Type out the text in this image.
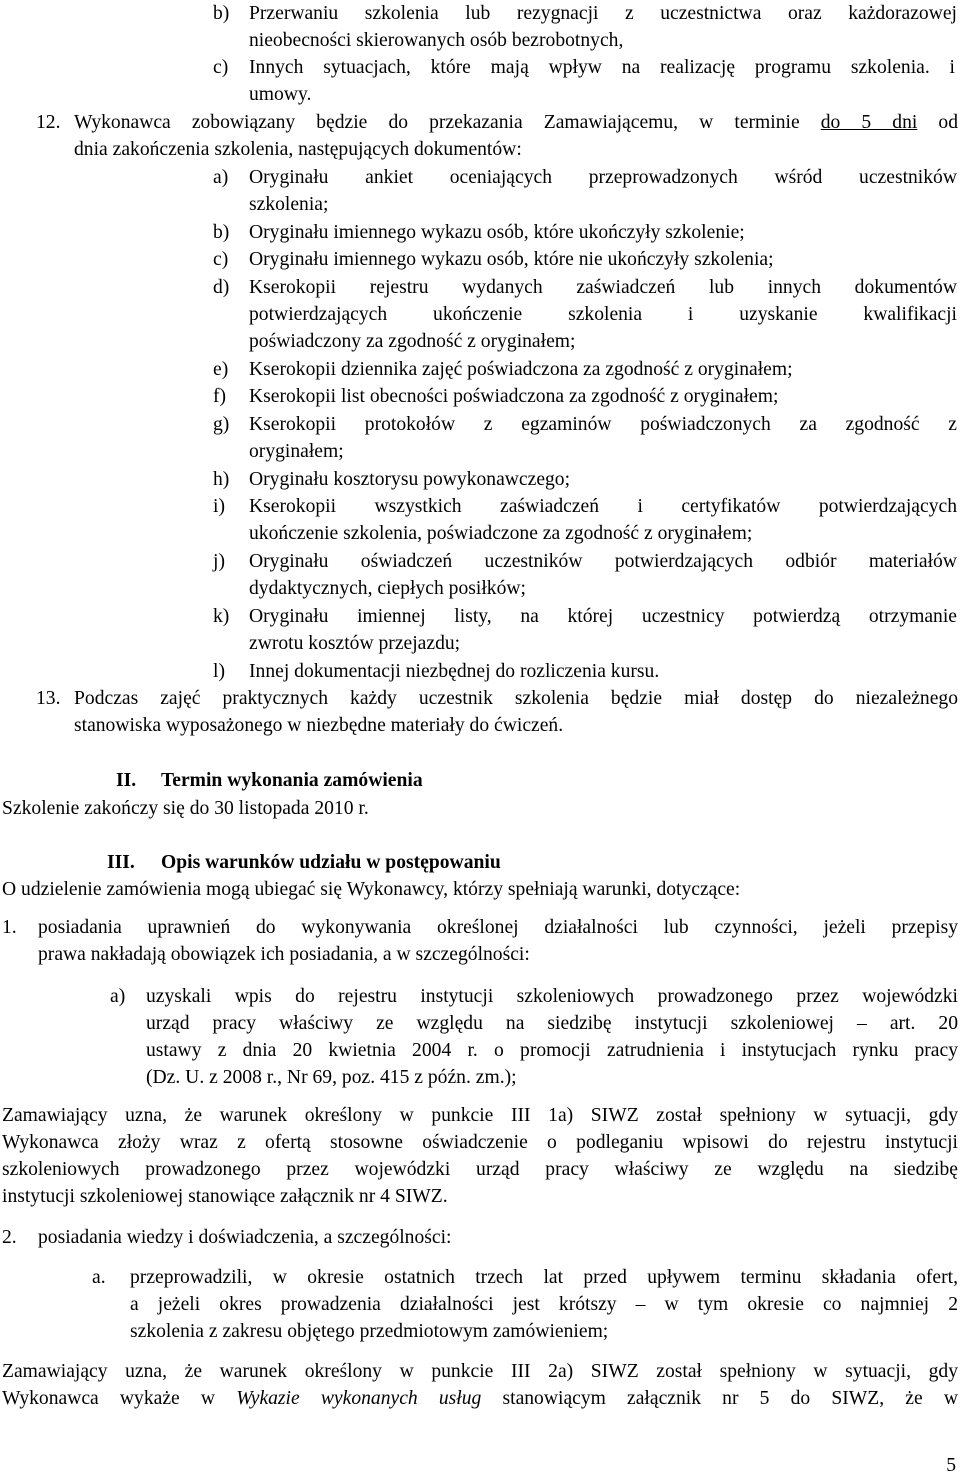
b) Przerwaniu szkolenia lub rezygnacji z uczestnictwa oraz każdorazowej
nieobecności skierowanych osób bezrobotnych,
c) Innych sytuacjach, które mają wpływ na realizację programu szkolenia. i
umowy.
12. Wykonawca zobowiązany będzie do przekazania Zamawiającemu, w terminie do 5 dni od
dnia zakończenia szkolenia, następujących dokumentów:
a) Oryginału ankiet oceniających przeprowadzonych wśród uczestników
szkolenia;
b) Oryginału imiennego wykazu osób, które ukończyły szkolenie;
c) Oryginału imiennego wykazu osób, które nie ukończyły szkolenia;
d) Kserokopii rejestru wydanych zaświadczeń lub innych dokumentów
potwierdzających ukończenie szkolenia i uzyskanie kwalifikacji
poświadczony za zgodność z oryginałem;
e) Kserokopii dziennika zajęć poświadczona za zgodność z oryginałem;
f) Kserokopii list obecności poświadczona za zgodność z oryginałem;
g) Kserokopii protokołów z egzaminów poświadczonych za zgodność z
oryginałem;
h) Oryginału kosztorysu powykonawczego;
i) Kserokopii wszystkich zaświadczeń i certyfikatów potwierdzających
ukończenie szkolenia, poświadczone za zgodność z oryginałem;
j) Oryginału oświadczeń uczestników potwierdzających odbiór materiałów
dydaktycznych, ciepłych posiłków;
k) Oryginału imiennej listy, na której uczestnicy potwierdzą otrzymanie
zwrotu kosztów przejazdu;
l) Innej dokumentacji niezbędnej do rozliczenia kursu.
13. Podczas zajęć praktycznych każdy uczestnik szkolenia będzie miał dostęp do niezależnego
stanowiska wyposażonego w niezbędne materiały do ćwiczeń.
II. Termin wykonania zamówienia
Szkolenie zakończy się do 30 listopada 2010 r.
III. Opis warunków udziału w postępowaniu
O udzielenie zamówienia mogą ubiegać się Wykonawcy, którzy spełniają warunki, dotyczące:
1. posiadania uprawnień do wykonywania określonej działalności lub czynności, jeżeli przepisy
prawa nakładają obowiązek ich posiadania, a w szczególności:
a) uzyskali wpis do rejestru instytucji szkoleniowych prowadzonego przez wojewódzki
urząd pracy właściwy ze względu na siedzibę instytucji szkoleniowej – art. 20
ustawy z dnia 20 kwietnia 2004 r. o promocji zatrudnienia i instytucjach rynku pracy
(Dz. U. z 2008 r., Nr 69, poz. 415 z późn. zm.);
Zamawiający uzna, że warunek określony w punkcie III 1a) SIWZ został spełniony w sytuacji, gdy
Wykonawca złoży wraz z ofertą stosowne oświadczenie o podleganiu wpisowi do rejestru instytucji
szkoleniowych prowadzonego przez wojewódzki urząd pracy właściwy ze względu na siedzibę
instytucji szkoleniowej stanowiące załącznik nr 4 SIWZ.
2. posiadania wiedzy i doświadczenia, a szczególności:
a. przeprowadzili, w okresie ostatnich trzech lat przed upływem terminu składania ofert,
a jeżeli okres prowadzenia działalności jest krótszy – w tym okresie co najmniej 2
szkolenia z zakresu objętego przedmiotowym zamówieniem;
Zamawiający uzna, że warunek określony w punkcie III 2a) SIWZ został spełniony w sytuacji, gdy
Wykonawca wykaże w Wykazie wykonanych usług stanowiącym załącznik nr 5 do SIWZ, że w
5
